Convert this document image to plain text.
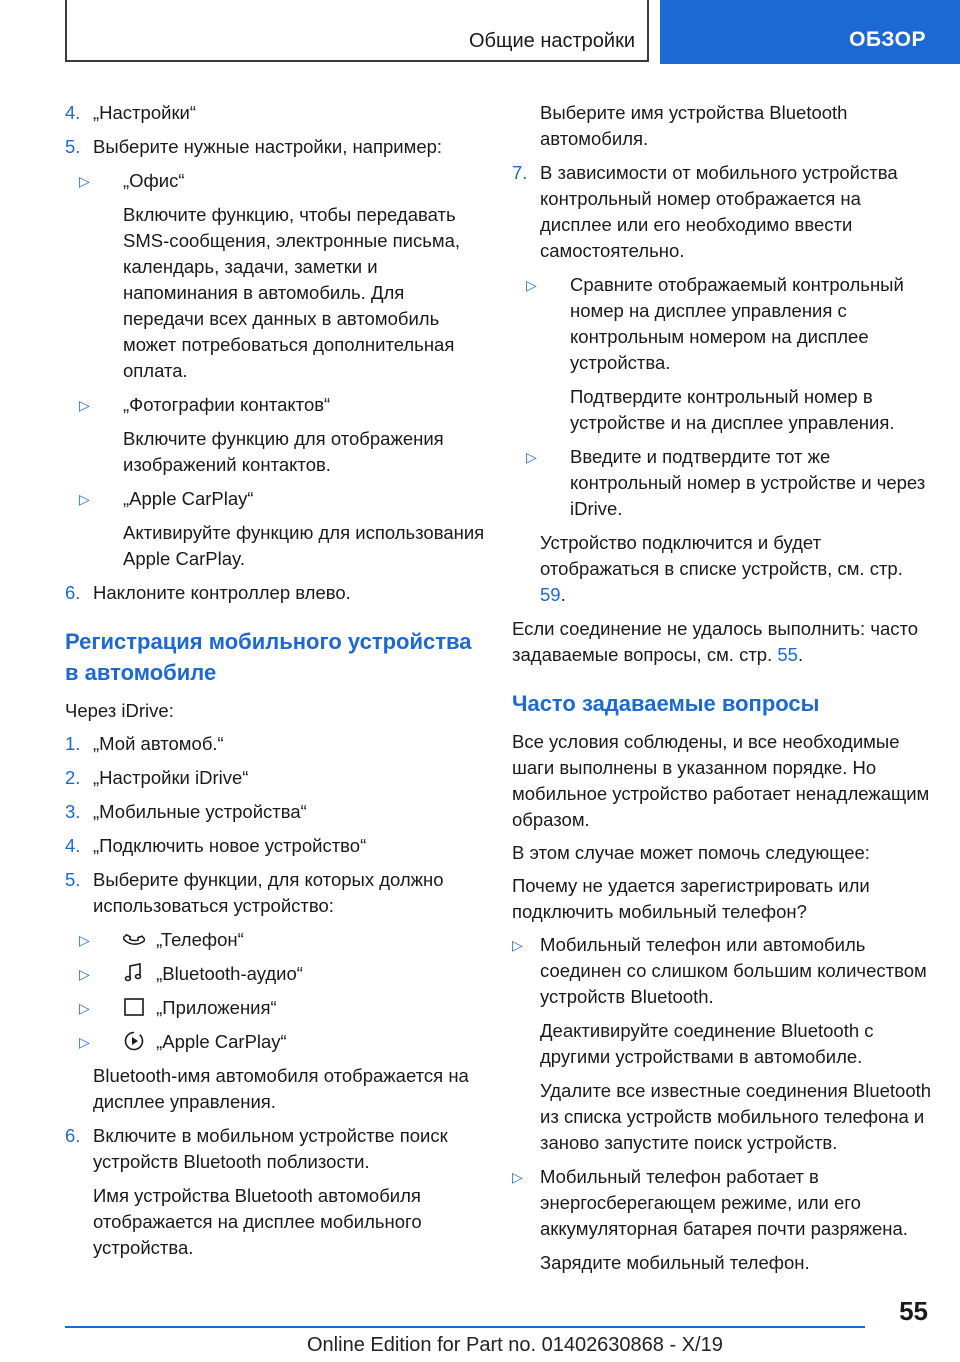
Общие настройки	ОБЗОР
4. „Настройки“
5. Выберите нужные настройки, например:
▷ „Офис“
Включите функцию, чтобы передавать SMS-сообщения, электронные письма, календарь, задачи, заметки и напоминания в автомобиль. Для передачи всех данных в автомобиль может потребоваться дополнительная оплата.
▷ „Фотографии контактов“
Включите функцию для отображения изображений контактов.
▷ „Apple CarPlay“
Активируйте функцию для использования Apple CarPlay.
6. Наклоните контроллер влево.
Регистрация мобильного устройства в автомобиле
Через iDrive:
1. „Мой автомоб.“
2. „Настройки iDrive“
3. „Мобильные устройства“
4. „Подключить новое устройство“
5. Выберите функции, для которых должно использоваться устройство:
▷	„Телефон“
▷	„Bluetooth-аудио“
▷	„Приложения“
▷	„Apple CarPlay“
Bluetooth-имя автомобиля отображается на дисплее управления.
6. Включите в мобильном устройстве поиск устройств Bluetooth поблизости.
Имя устройства Bluetooth автомобиля отображается на дисплее мобильного устройства.
Выберите имя устройства Bluetooth автомобиля.
7. В зависимости от мобильного устройства контрольный номер отображается на дисплее или его необходимо ввести самостоятельно.
▷ Сравните отображаемый контрольный номер на дисплее управления с контрольным номером на дисплее устройства.
Подтвердите контрольный номер в устройстве и на дисплее управления.
▷ Введите и подтвердите тот же контрольный номер в устройстве и через iDrive.
Устройство подключится и будет отображаться в списке устройств, см. стр. 59.
Если соединение не удалось выполнить: часто задаваемые вопросы, см. стр. 55.
Часто задаваемые вопросы
Все условия соблюдены, и все необходимые шаги выполнены в указанном порядке. Но мобильное устройство работает ненадлежащим образом.
В этом случае может помочь следующее:
Почему не удается зарегистрировать или подключить мобильный телефон?
▷ Мобильный телефон или автомобиль соединен со слишком большим количеством устройств Bluetooth.
Деактивируйте соединение Bluetooth с другими устройствами в автомобиле.
Удалите все известные соединения Bluetooth из списка устройств мобильного телефона и заново запустите поиск устройств.
▷ Мобильный телефон работает в энергосберегающем режиме, или его аккумуляторная батарея почти разряжена.
Зарядите мобильный телефон.
55
Online Edition for Part no. 01402630868 - X/19
